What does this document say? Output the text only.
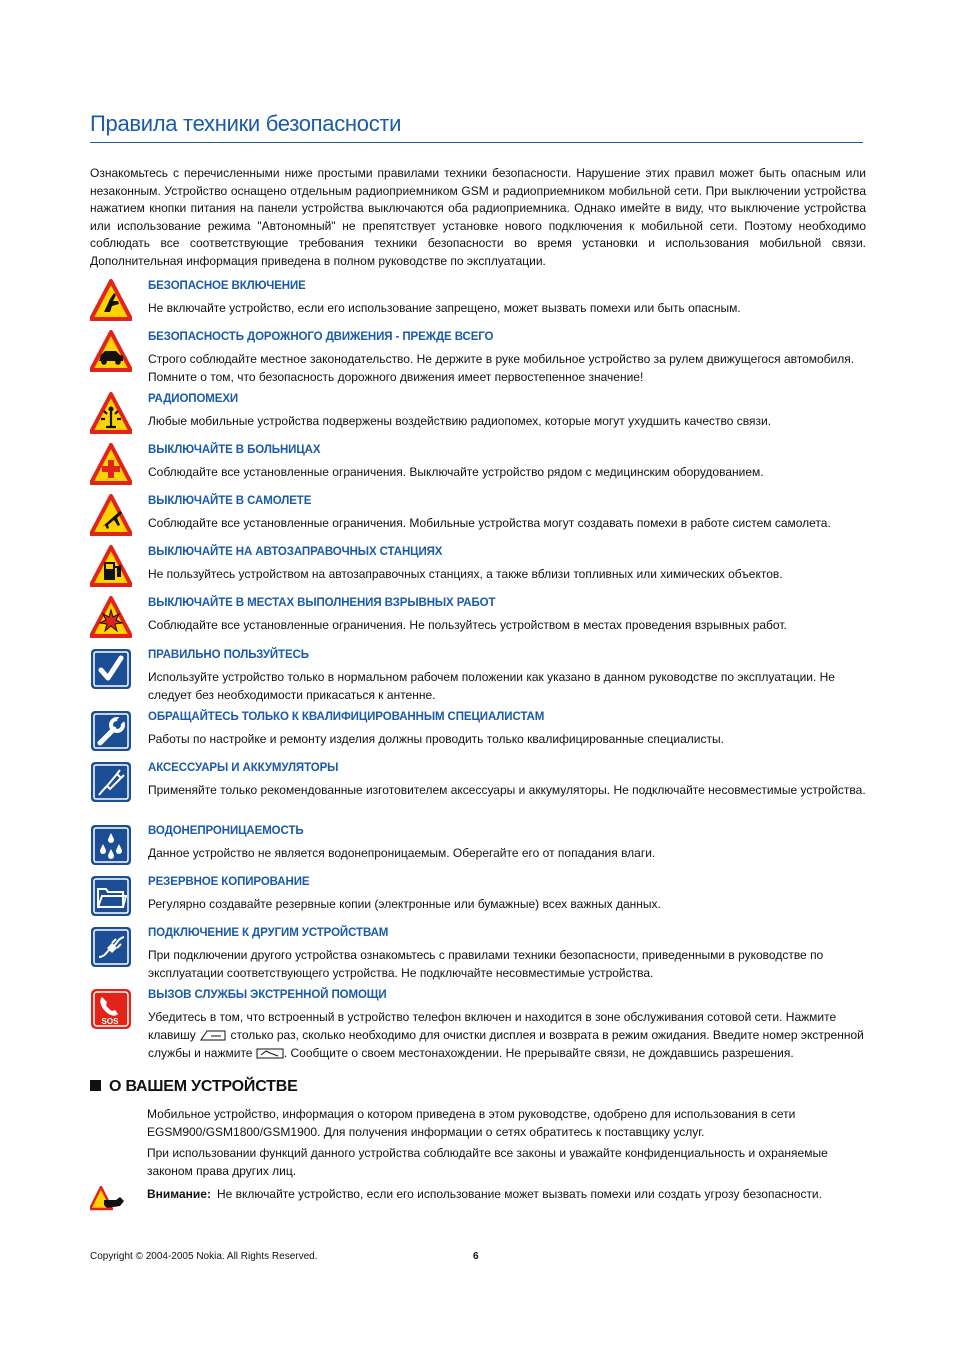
Правила техники безопасности
Ознакомьтесь с перечисленными ниже простыми правилами техники безопасности. Нарушение этих правил может быть опасным или незаконным. Устройство оснащено отдельным радиоприемником GSM и радиоприемником мобильной сети. При выключении устройства нажатием кнопки питания на панели устройства выключаются оба радиоприемника. Однако имейте в виду, что выключение устройства или использование режима "Автономный" не препятствует установке нового подключения к мобильной сети. Поэтому необходимо соблюдать все соответствующие требования техники безопасности во время установки и использования мобильной связи. Дополнительная информация приведена в полном руководстве по эксплуатации.
БЕЗОПАСНОЕ ВКЛЮЧЕНИЕ
Не включайте устройство, если его использование запрещено, может вызвать помехи или быть опасным.
БЕЗОПАСНОСТЬ ДОРОЖНОГО ДВИЖЕНИЯ - ПРЕЖДЕ ВСЕГО
Строго соблюдайте местное законодательство. Не держите в руке мобильное устройство за рулем движущегося автомобиля. Помните о том, что безопасность дорожного движения имеет первостепенное значение!
РАДИОПОМЕХИ
Любые мобильные устройства подвержены воздействию радиопомех, которые могут ухудшить качество связи.
ВЫКЛЮЧАЙТЕ В БОЛЬНИЦАХ
Соблюдайте все установленные ограничения. Выключайте устройство рядом с медицинским оборудованием.
ВЫКЛЮЧАЙТЕ В САМОЛЕТЕ
Соблюдайте все установленные ограничения. Мобильные устройства могут создавать помехи в работе систем самолета.
ВЫКЛЮЧАЙТЕ НА АВТОЗАПРАВОЧНЫХ СТАНЦИЯХ
Не пользуйтесь устройством на автозаправочных станциях, а также вблизи топливных или химических объектов.
ВЫКЛЮЧАЙТЕ В МЕСТАХ ВЫПОЛНЕНИЯ ВЗРЫВНЫХ РАБОТ
Соблюдайте все установленные ограничения. Не пользуйтесь устройством в местах проведения взрывных работ.
ПРАВИЛЬНО ПОЛЬЗУЙТЕСЬ
Используйте устройство только в нормальном рабочем положении как указано в данном руководстве по эксплуатации. Не следует без необходимости прикасаться к антенне.
ОБРАЩАЙТЕСЬ ТОЛЬКО К КВАЛИФИЦИРОВАННЫМ СПЕЦИАЛИСТАМ
Работы по настройке и ремонту изделия должны проводить только квалифицированные специалисты.
АКСЕССУАРЫ И АККУМУЛЯТОРЫ
Применяйте только рекомендованные изготовителем аксессуары и аккумуляторы. Не подключайте несовместимые устройства.
ВОДОНЕПРОНИЦАЕМОСТЬ
Данное устройство не является водонепроницаемым. Оберегайте его от попадания влаги.
РЕЗЕРВНОЕ КОПИРОВАНИЕ
Регулярно создавайте резервные копии (электронные или бумажные) всех важных данных.
ПОДКЛЮЧЕНИЕ К ДРУГИМ УСТРОЙСТВАМ
При подключении другого устройства ознакомьтесь с правилами техники безопасности, приведенными в руководстве по эксплуатации соответствующего устройства. Не подключайте несовместимые устройства.
SOS
ВЫЗОВ СЛУЖБЫ ЭКСТРЕННОЙ ПОМОЩИ
Убедитесь в том, что встроенный в устройство телефон включен и находится в зоне обслуживания сотовой сети. Нажмите клавишу	столько раз, сколько необходимо для очистки дисплея и возврата в режим ожидания. Введите номер экстренной службы и нажмите	. Сообщите о своем местонахождении. Не прерывайте связи, не дождавшись разрешения.
О ВАШЕМ УСТРОЙСТВЕ
Мобильное устройство, информация о котором приведена в этом руководстве, одобрено для использования в сети EGSM900/GSM1800/GSM1900. Для получения информации о сетях обратитесь к поставщику услуг.
При использовании функций данного устройства соблюдайте все законы и уважайте конфиденциальность и охраняемые законом права других лиц.
Внимание: Не включайте устройство, если его использование может вызвать помехи или создать угрозу безопасности.
Copyright © 2004-2005 Nokia. All Rights Reserved.	6
